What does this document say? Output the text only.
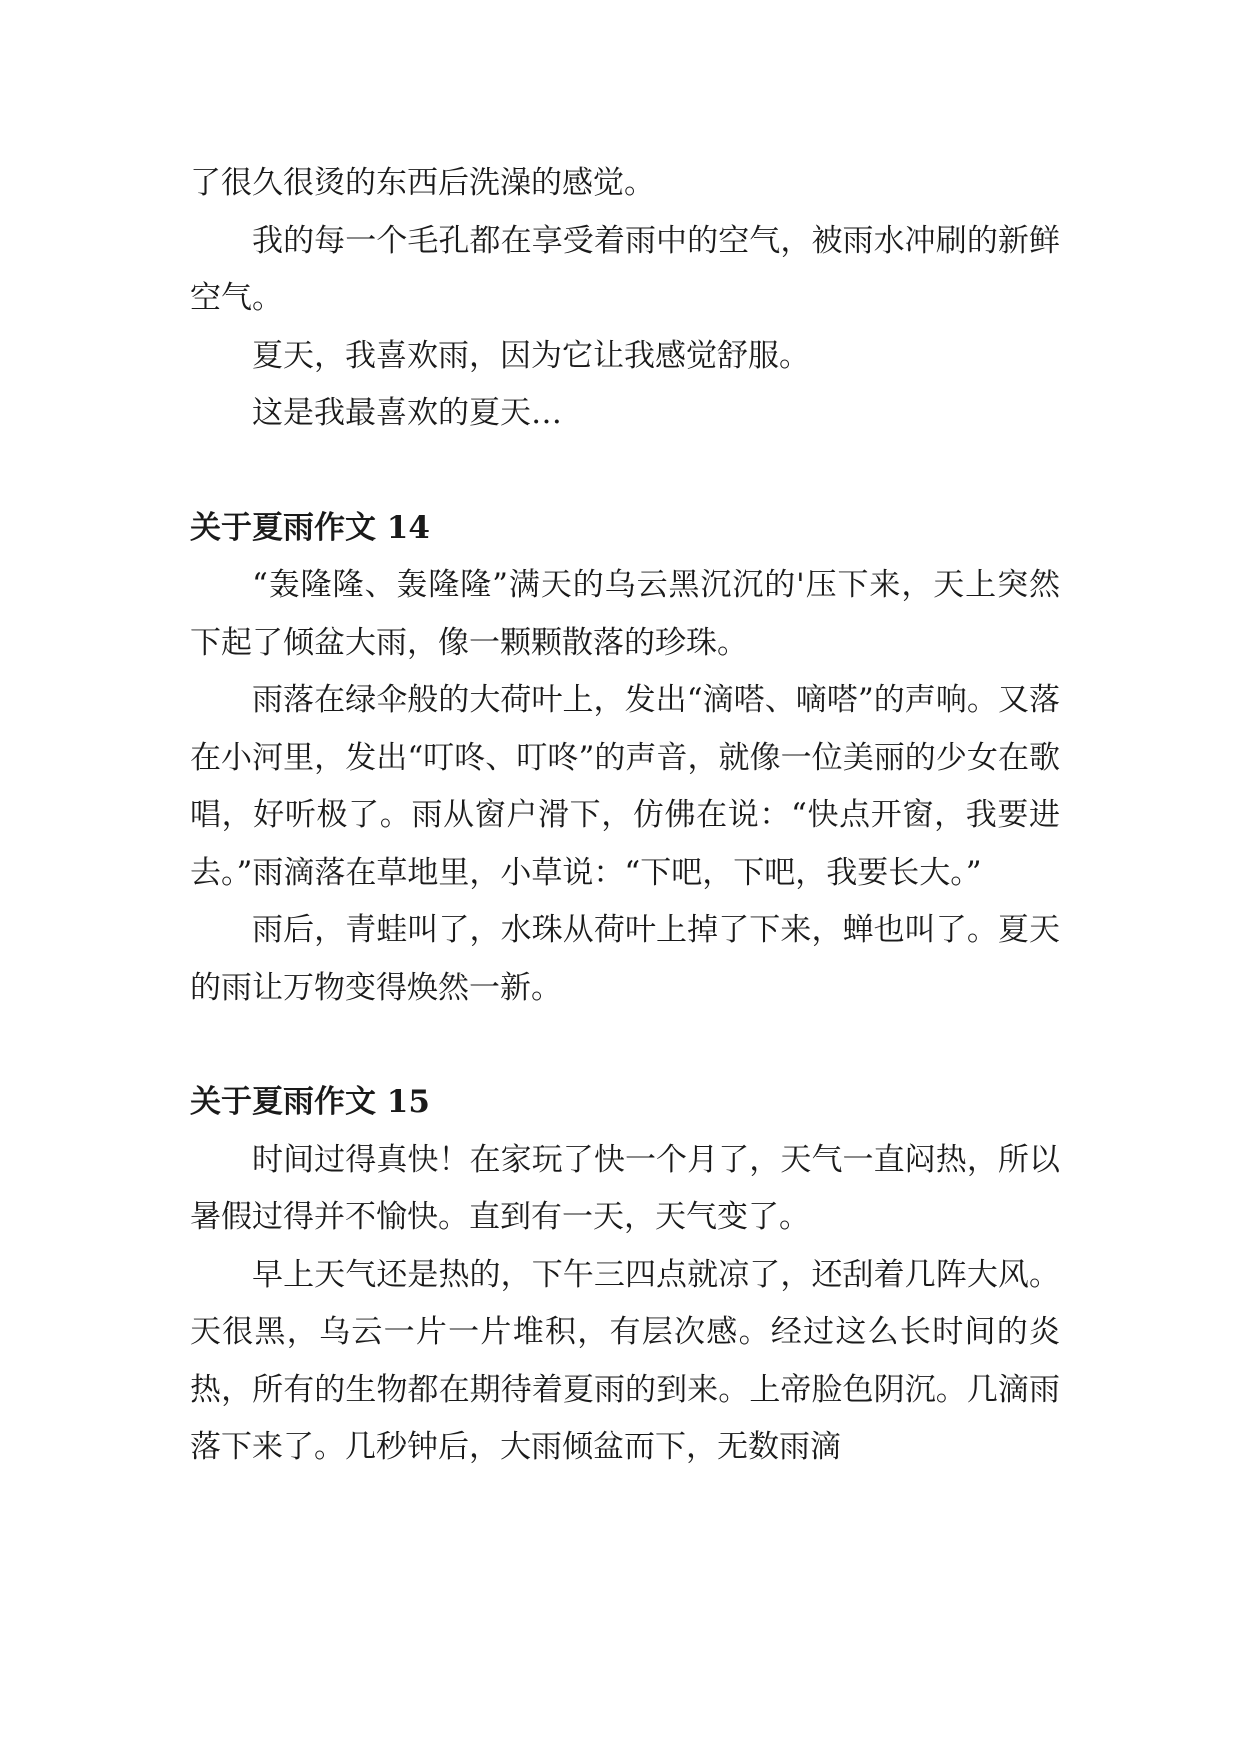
了很久很烫的东西后洗澡的感觉。

我的每一个毛孔都在享受着雨中的空气，被雨水冲刷的新鲜空气。

夏天，我喜欢雨，因为它让我感觉舒服。

这是我最喜欢的夏天…

关于夏雨作文 14

“轰隆隆、轰隆隆”满天的乌云黑沉沉的'压下来，天上突然下起了倾盆大雨，像一颗颗散落的珍珠。

雨落在绿伞般的大荷叶上，发出“滴嗒、嘀嗒”的声响。又落在小河里，发出“叮咚、叮咚”的声音，就像一位美丽的少女在歌唱，好听极了。雨从窗户滑下，仿佛在说：“快点开窗，我要进去。”雨滴落在草地里，小草说：“下吧，下吧，我要长大。”

雨后，青蛙叫了，水珠从荷叶上掉了下来，蝉也叫了。夏天的雨让万物变得焕然一新。

关于夏雨作文 15

时间过得真快！在家玩了快一个月了，天气一直闷热，所以暑假过得并不愉快。直到有一天，天气变了。

早上天气还是热的，下午三四点就凉了，还刮着几阵大风。天很黑，乌云一片一片堆积，有层次感。经过这么长时间的炎热，所有的生物都在期待着夏雨的到来。上帝脸色阴沉。几滴雨落下来了。几秒钟后，大雨倾盆而下，无数雨滴
